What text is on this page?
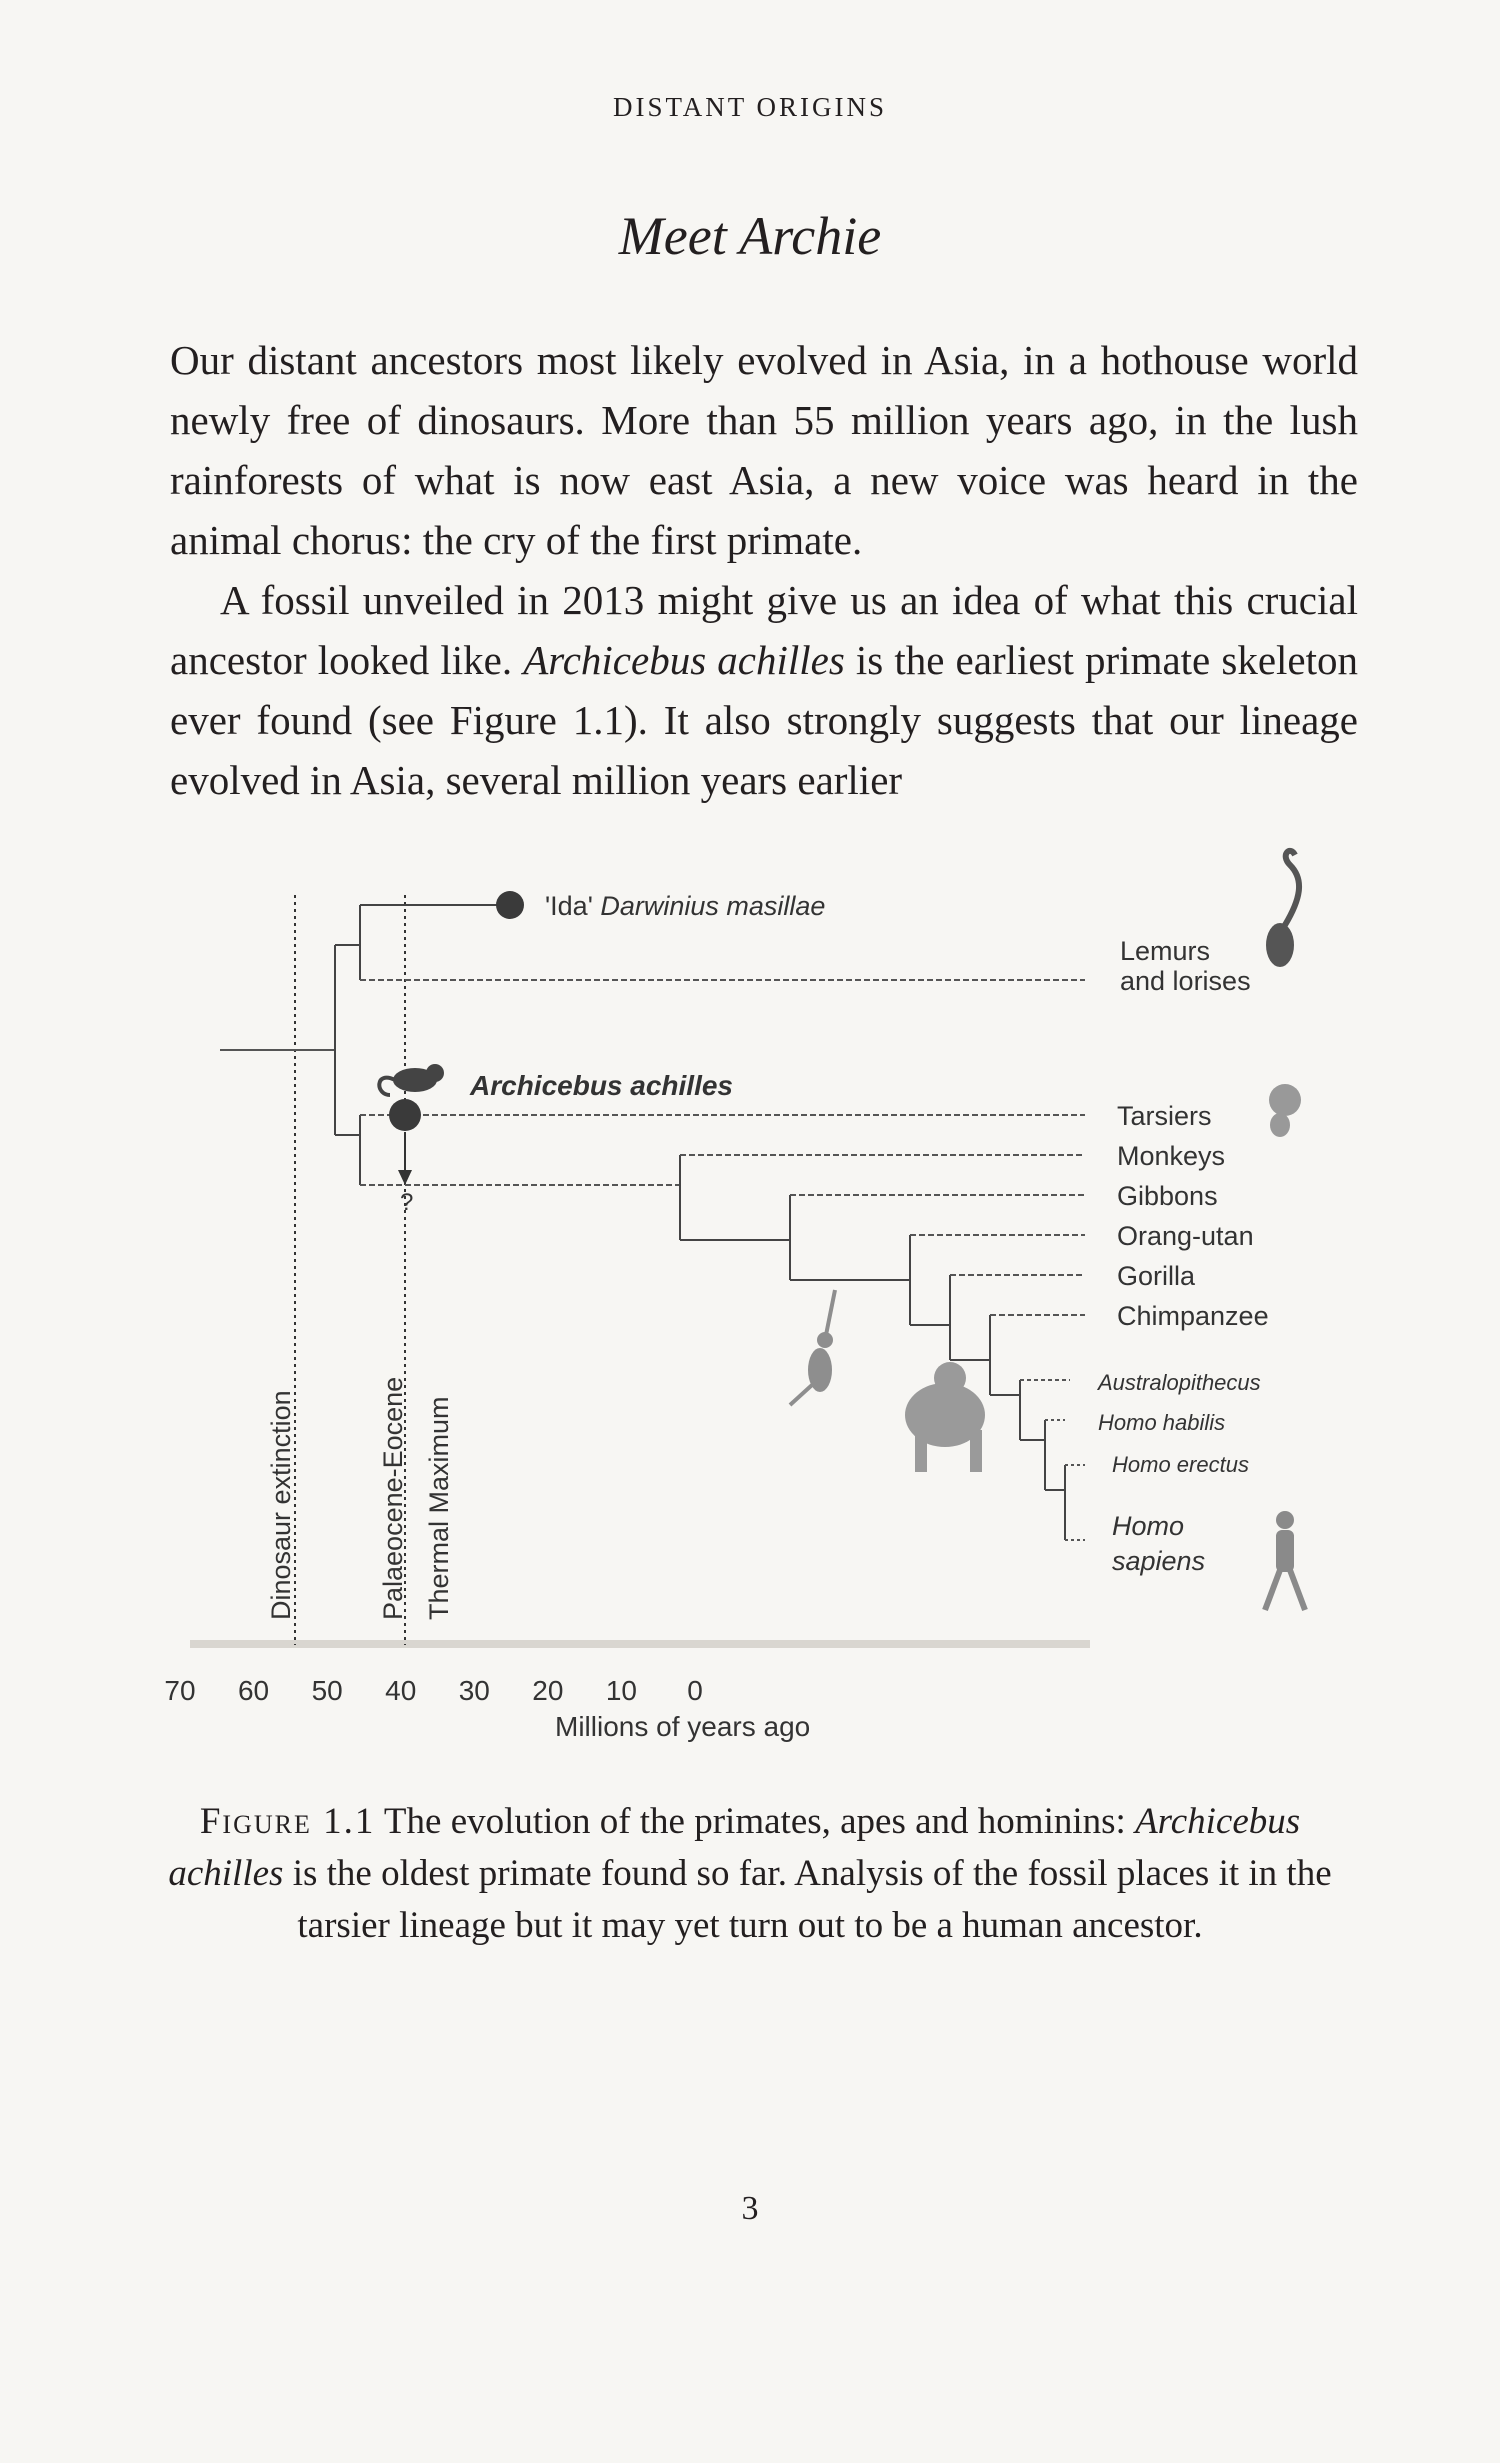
DISTANT ORIGINS
Meet Archie

Our distant ancestors most likely evolved in Asia, in a hothouse world newly free of dinosaurs. More than 55 million years ago, in the lush rainforests of what is now east Asia, a new voice was heard in the animal chorus: the cry of the first primate.

A fossil unveiled in 2013 might give us an idea of what this crucial ancestor looked like. Archicebus achilles is the earliest primate skeleton ever found (see Figure 1.1). It also strongly suggests that our lineage evolved in Asia, several million years earlier

Dinosaur extinction	Palaeocene-Eocene Thermal Maximum
'Ida' Darwinius masillae
Lemurs
and lorises
?
Archicebus achilles
Tarsiers
Monkeys
Gibbons
Orang-utan
Gorilla
Chimpanzee
Australopithecus
Homo habilis
Homo erectus
Homo
sapiens
70 60 50 40 30 20 10 0
Millions of years ago
Figure 1.1 The evolution of the primates, apes and hominins: Archicebus achilles is the oldest primate found so far. Analysis of the fossil places it in the tarsier lineage but it may yet turn out to be a human ancestor.
3
